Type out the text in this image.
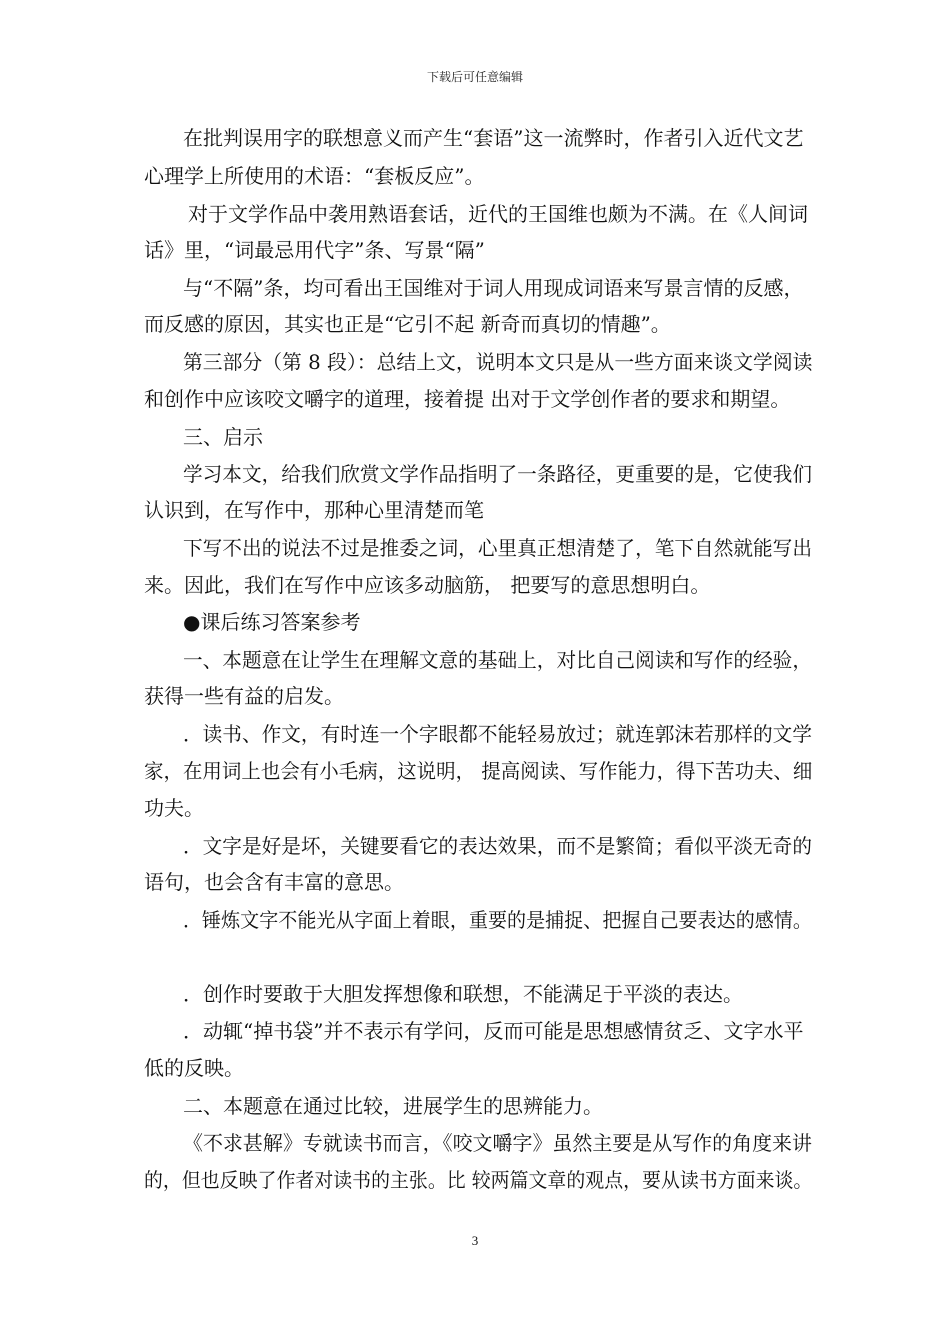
下载后可任意编辑
在批判误用字的联想意义而产生“套语”这一流弊时，作者引入近代文艺
心理学上所使用的术语：“套板反应”。
对于文学作品中袭用熟语套话，近代的王国维也颇为不满。在《人间词
话》里，“词最忌用代字”条、写景“隔”
与“不隔”条，均可看出王国维对于词人用现成词语来写景言情的反感，
而反感的原因，其实也正是“它引不起 新奇而真切的情趣”。
第三部分（第 8 段）：总结上文，说明本文只是从一些方面来谈文学阅读
和创作中应该咬文嚼字的道理，接着提 出对于文学创作者的要求和期望。
三、启示
学习本文，给我们欣赏文学作品指明了一条路径，更重要的是，它使我们
认识到，在写作中，那种心里清楚而笔
下写不出的说法不过是推委之词，心里真正想清楚了，笔下自然就能写出
来。因此，我们在写作中应该多动脑筋， 把要写的意思想明白。
●课后练习答案参考
一、本题意在让学生在理解文意的基础上，对比自己阅读和写作的经验，
获得一些有益的启发。
．读书、作文，有时连一个字眼都不能轻易放过；就连郭沫若那样的文学
家，在用词上也会有小毛病，这说明， 提高阅读、写作能力，得下苦功夫、细
功夫。
．文字是好是坏，关键要看它的表达效果，而不是繁简；看似平淡无奇的
语句，也会含有丰富的意思。
．锤炼文字不能光从字面上着眼，重要的是捕捉、把握自己要表达的感情。
．创作时要敢于大胆发挥想像和联想，不能满足于平淡的表达。
．动辄“掉书袋”并不表示有学问，反而可能是思想感情贫乏、文字水平
低的反映。
二、本题意在通过比较，进展学生的思辨能力。
《不求甚解》专就读书而言，《咬文嚼字》虽然主要是从写作的角度来讲
的，但也反映了作者对读书的主张。比 较两篇文章的观点，要从读书方面来谈。
3
